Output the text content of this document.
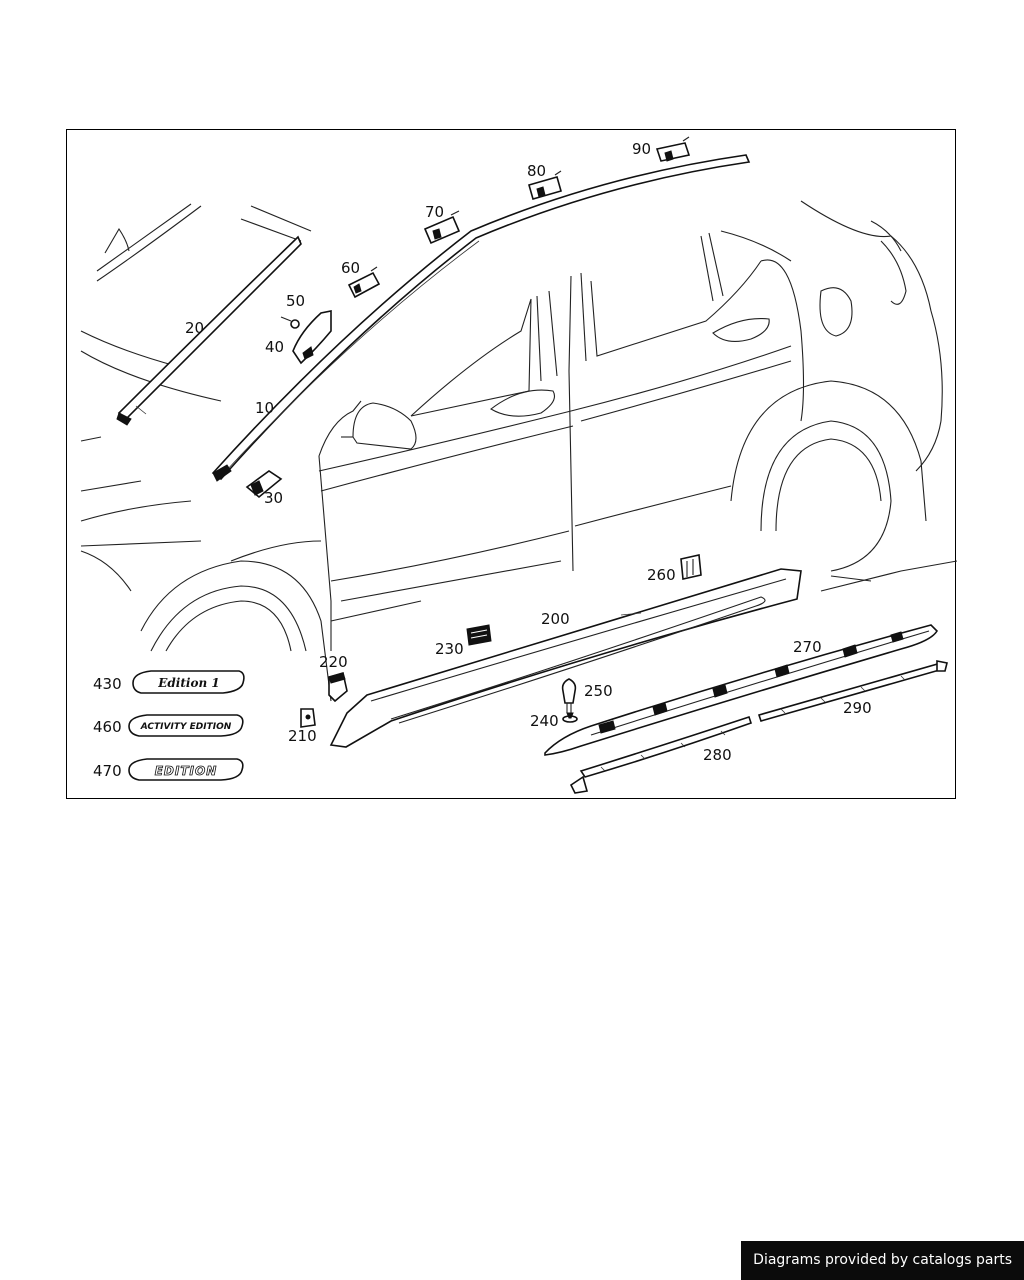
Edition 1
ACTIVITY EDITION
EDITION
10
20
30
40
50
60
70
80
90
200
210
220
230
240
250
260
270
280
290
430
460
470
Diagrams provided by catalogs parts
